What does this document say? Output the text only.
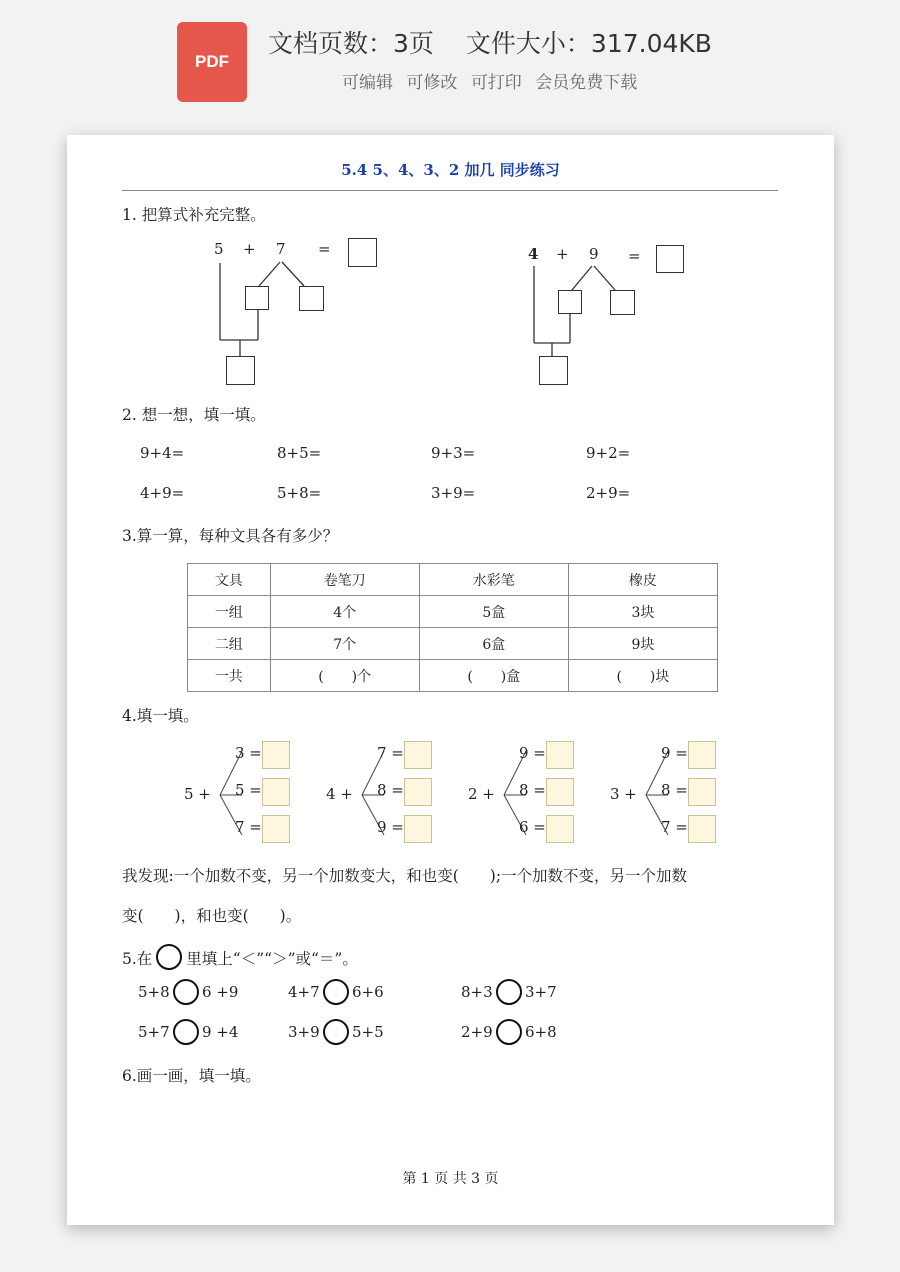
PDF
文档页数：3页 文件大小：317.04KB
可编辑 可修改 可打印 会员免费下载
5.4 5、4、3、2 加几 同步练习
1. 把算式补充完整。
5 + 7 =	4 + 9 =
2. 想一想，填一填。
9+4=	8+5=	9+3=	9+2=
4+9=	5+8=	3+9=	2+9=
3.算一算，每种文具各有多少？
文具	卷笔刀	水彩笔	橡皮
一组	4个	5盒	3块
二组	7个	6盒	9块
一共	(　　)个	(　　)盒	(　　)块
4.填一填。
我发现:一个加数不变，另一个加数变大，和也变(　　);一个加数不变，另一个加数
变(　　)，和也变(　　)。
5.在 里填上“＜”“＞”或“＝”。
6.画一画，填一填。
第 1 页 共 3 页
5 +
3 =
5 =
7 =
4 +
7 =
8 =
9 =
2 +
9 =
8 =
6 =
3 +
9 =
8 =
7 =
5+8 6 +9	4+7 6+6	8+3 3+7
5+7 9 +4	3+9 5+5	2+9 6+8
